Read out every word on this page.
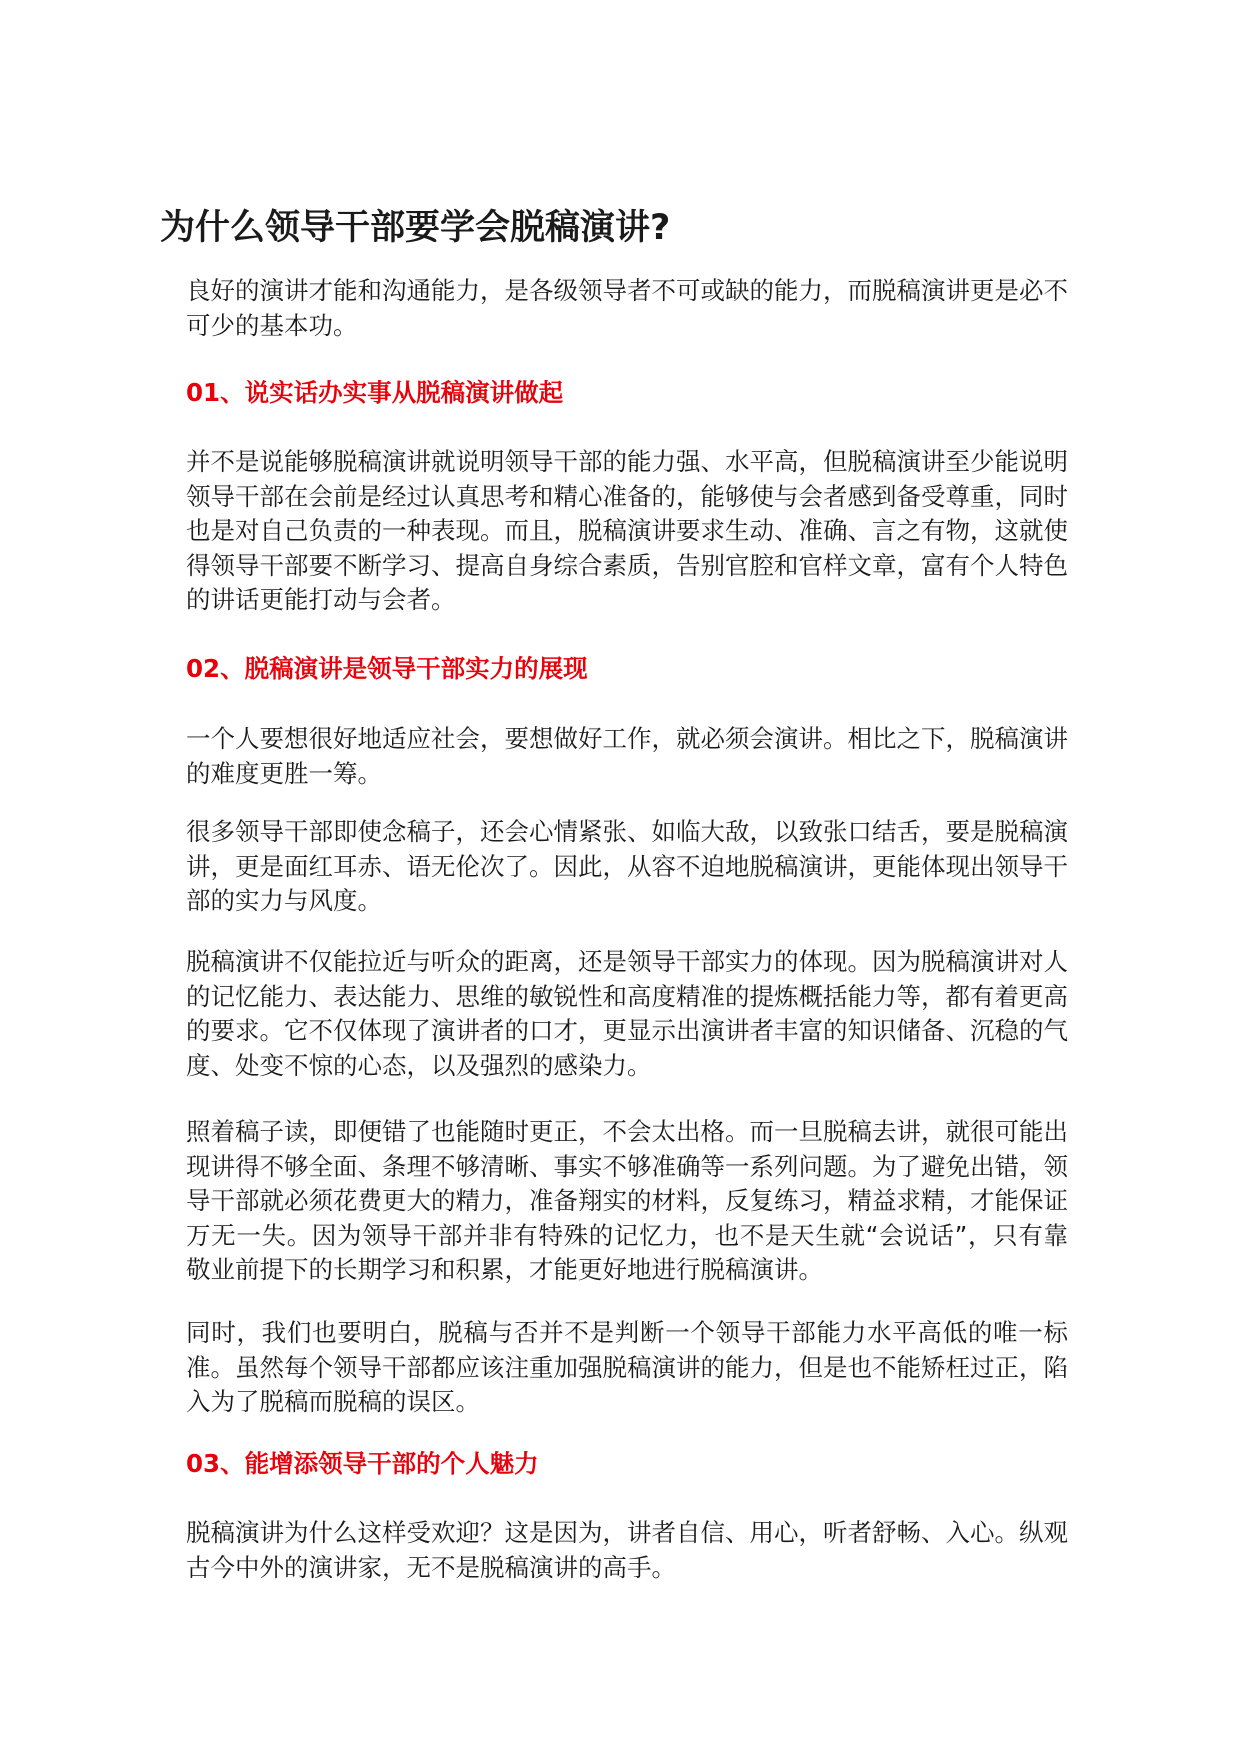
为什么领导干部要学会脱稿演讲?

良好的演讲才能和沟通能力，是各级领导者不可或缺的能力，而脱稿演讲更是必不可少的基本功。

01、说实话办实事从脱稿演讲做起

并不是说能够脱稿演讲就说明领导干部的能力强、水平高，但脱稿演讲至少能说明领导干部在会前是经过认真思考和精心准备的，能够使与会者感到备受尊重，同时也是对自己负责的一种表现。而且，脱稿演讲要求生动、准确、言之有物，这就使得领导干部要不断学习、提高自身综合素质，告别官腔和官样文章，富有个人特色的讲话更能打动与会者。

02、脱稿演讲是领导干部实力的展现

一个人要想很好地适应社会，要想做好工作，就必须会演讲。相比之下，脱稿演讲的难度更胜一筹。

很多领导干部即使念稿子，还会心情紧张、如临大敌，以致张口结舌，要是脱稿演讲，更是面红耳赤、语无伦次了。因此，从容不迫地脱稿演讲，更能体现出领导干部的实力与风度。

脱稿演讲不仅能拉近与听众的距离，还是领导干部实力的体现。因为脱稿演讲对人的记忆能力、表达能力、思维的敏锐性和高度精准的提炼概括能力等，都有着更高的要求。它不仅体现了演讲者的口才，更显示出演讲者丰富的知识储备、沉稳的气度、处变不惊的心态，以及强烈的感染力。

照着稿子读，即便错了也能随时更正，不会太出格。而一旦脱稿去讲，就很可能出现讲得不够全面、条理不够清晰、事实不够准确等一系列问题。为了避免出错，领导干部就必须花费更大的精力，准备翔实的材料，反复练习，精益求精，才能保证万无一失。因为领导干部并非有特殊的记忆力，也不是天生就“会说话”，只有靠敬业前提下的长期学习和积累，才能更好地进行脱稿演讲。

同时，我们也要明白，脱稿与否并不是判断一个领导干部能力水平高低的唯一标准。虽然每个领导干部都应该注重加强脱稿演讲的能力，但是也不能矫枉过正，陷入为了脱稿而脱稿的误区。

03、能增添领导干部的个人魅力

脱稿演讲为什么这样受欢迎？这是因为，讲者自信、用心，听者舒畅、入心。纵观古今中外的演讲家，无不是脱稿演讲的高手。
